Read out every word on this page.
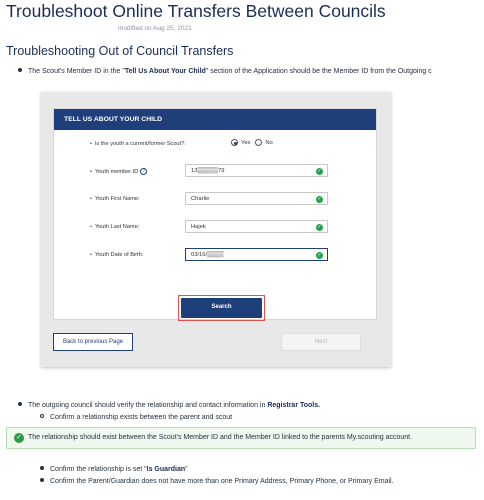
Troubleshoot Online Transfers Between Councils
modified on Aug 25, 2021
Troubleshooting Out of Council Transfers
The Scout's Member ID in the "Tell Us About Your Child" section of the Application should be the Member ID from the Outgoing c
TELL US ABOUT YOUR CHILD
• Is the youth a current/former Scout?:	Yes	No
• Youth member ID ?	13▒▒▒▒▒79	✓
• Youth First Name:	Charlie	✓
• Youth Last Name:	Hajek	✓
• Youth Date of Birth:	03/16/▒▒▒▒	✓
Search
Back to previous Page	Next
The outgoing council should verify the relationship and contact information in Registrar Tools.
Confirm a relationship exists between the parent and scout
✓ The relationship should exist between the Scout's Member ID and the Member ID linked to the parents My.scouting account.
Confirm the relationship is set "Is Guardian"
Confirm the Parent/Guardian does not have more than one Primary Address, Primary Phone, or Primary Email.
